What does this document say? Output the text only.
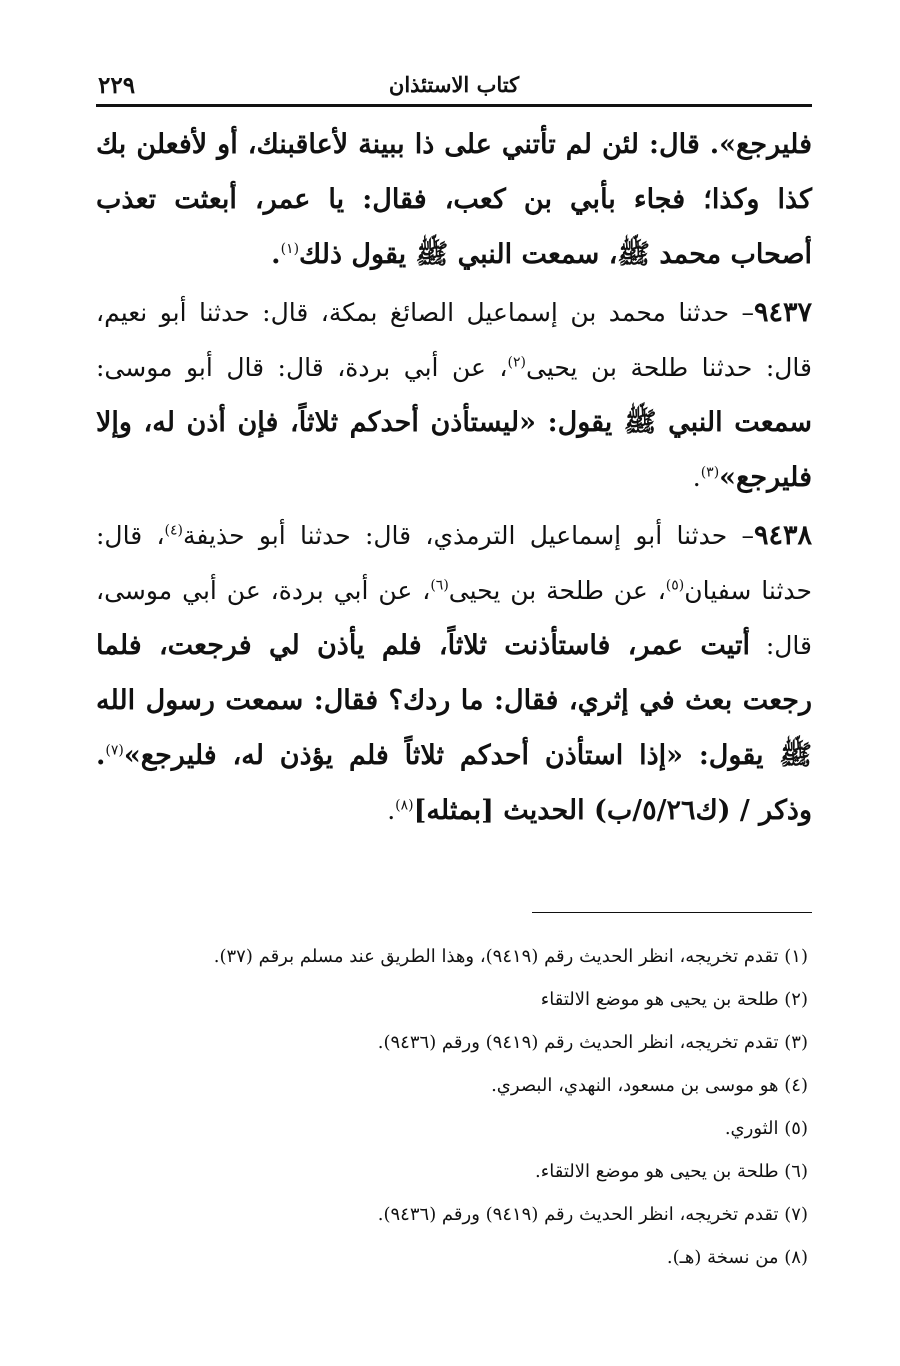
كتاب الاستئذان
٢٢٩

فليرجع». قال: لئن لم تأتني على ذا ببينة لأعاقبنك، أو لأفعلن بك كذا وكذا؛ فجاء بأبي بن كعب، فقال: يا عمر، أبعثت تعذب أصحاب محمد ﷺ، سمعت النبي ﷺ يقول ذلك$^{(١)}$.

٩٤٣٧– حدثنا محمد بن إسماعيل الصائغ بمكة، قال: حدثنا أبو نعيم، قال: حدثنا طلحة بن يحيى$^{(٢)}$، عن أبي بردة، قال: قال أبو موسى: سمعت النبي ﷺ يقول: «ليستأذن أحدكم ثلاثاً، فإن أذن له، وإلا فليرجع»$^{(٣)}$.

٩٤٣٨– حدثنا أبو إسماعيل الترمذي، قال: حدثنا أبو حذيفة$^{(٤)}$، قال: حدثنا سفيان$^{(٥)}$، عن طلحة بن يحيى$^{(٦)}$، عن أبي بردة، عن أبي موسى، قال: أتيت عمر، فاستأذنت ثلاثاً، فلم يأذن لي فرجعت، فلما رجعت بعث في إثري، فقال: ما ردك؟ فقال: سمعت رسول الله ﷺ يقول: «إذا استأذن أحدكم ثلاثاً فلم يؤذن له، فليرجع»$^{(٧)}$. وذكر / (ك٥/٢٦/ب) الحديث [بمثله]$^{(٨)}$.

(١) تقدم تخريجه، انظر الحديث رقم (٩٤١٩)، وهذا الطريق عند مسلم برقم (٣٧).

(٢) طلحة بن يحيى هو موضع الالتقاء

(٣) تقدم تخريجه، انظر الحديث رقم (٩٤١٩) ورقم (٩٤٣٦).

(٤) هو موسى بن مسعود، النهدي، البصري.

(٥) الثوري.

(٦) طلحة بن يحيى هو موضع الالتقاء.

(٧) تقدم تخريجه، انظر الحديث رقم (٩٤١٩) ورقم (٩٤٣٦).

(٨) من نسخة (هـ).
